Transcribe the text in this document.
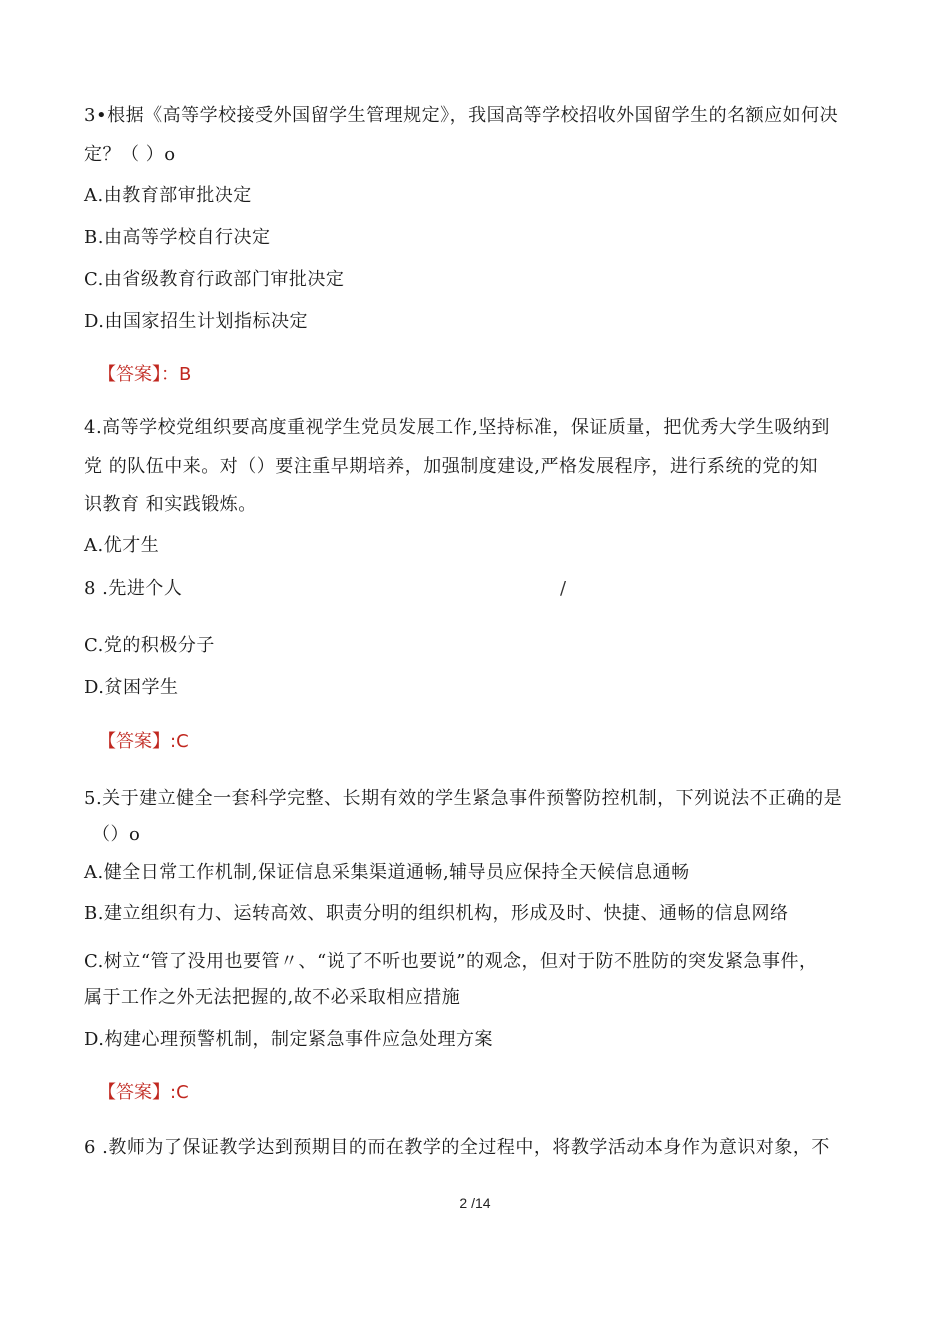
3•根据《高等学校接受外国留学生管理规定》，我国高等学校招收外国留学生的名额应如何决
定？（ ）o
A.由教育部审批决定
B.由高等学校自行决定
C.由省级教育行政部门审批决定
D.由国家招生计划指标决定
【答案】：B
4.高等学校党组织要高度重视学生党员发展工作,坚持标准，保证质量，把优秀大学生吸纳到
党 的队伍中来。对（）要注重早期培养，加强制度建设,严格发展程序，进行系统的党的知
识教育 和实践锻炼。
A.优才生
8 .先进个人	/
C.党的积极分子
D.贫困学生
【答案】:C
5.关于建立健全一套科学完整、长期有效的学生紧急事件预警防控机制，下列说法不正确的是
（）o
A.健全日常工作机制,保证信息采集渠道通畅,辅导员应保持全天候信息通畅
B.建立组织有力、运转高效、职责分明的组织机构，形成及时、快捷、通畅的信息网络
C.树立“管了没用也要管〃、“说了不听也要说”的观念，但对于防不胜防的突发紧急事件，
属于工作之外无法把握的,故不必采取相应措施
D.构建心理预警机制，制定紧急事件应急处理方案
【答案】:C
6 .教师为了保证教学达到预期目的而在教学的全过程中，将教学活动本身作为意识对象，不
2 /14
